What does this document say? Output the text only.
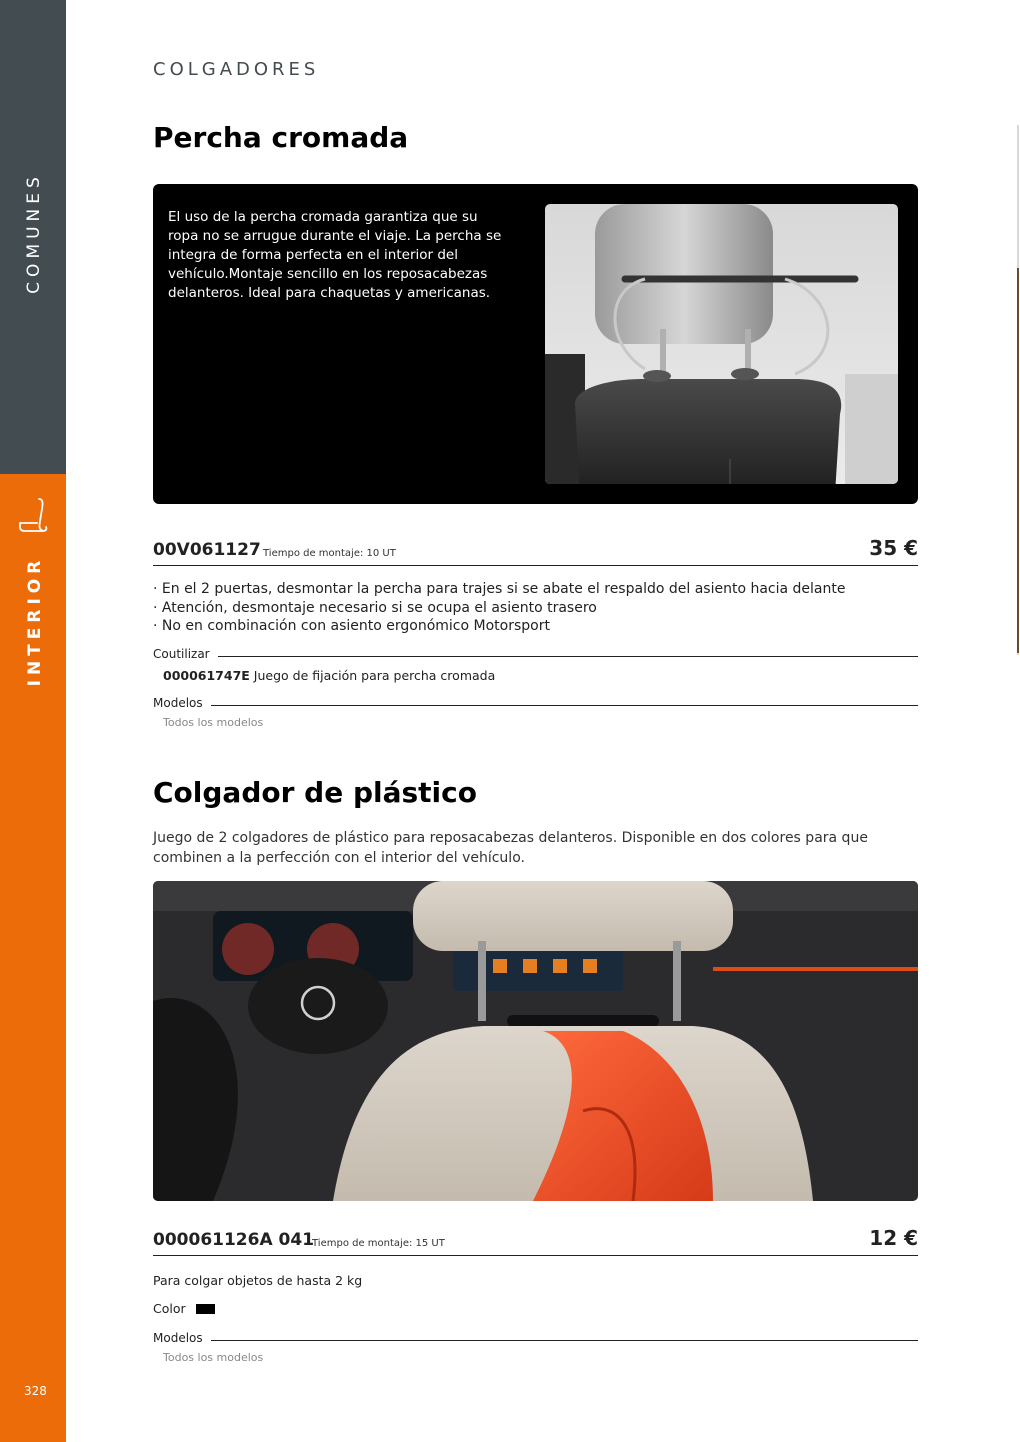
COMUNES
INTERIOR
328
COLGADORES
Percha cromada
El uso de la percha cromada garantiza que su ropa no se arrugue durante el viaje. La percha se integra de forma perfecta en el interior del vehículo.Montaje sencillo en los reposacabezas delanteros. Ideal para chaquetas y americanas.
00V061127 Tiempo de montaje: 10 UT	35 €
· En el 2 puertas, desmontar la percha para trajes si se abate el respaldo del asiento hacia delante
· Atención, desmontaje necesario si se ocupa el asiento trasero
· No en combinación con asiento ergonómico Motorsport
Coutilizar
000061747E Juego de fijación para percha cromada
Modelos
Todos los modelos
Colgador de plástico
Juego de 2 colgadores de plástico para reposacabezas delanteros. Disponible en dos colores para que combinen a la perfección con el interior del vehículo.
000061126A 041
Tiempo de montaje: 15 UT	12 €
Para colgar objetos de hasta 2 kg
Color
Modelos
Todos los modelos
